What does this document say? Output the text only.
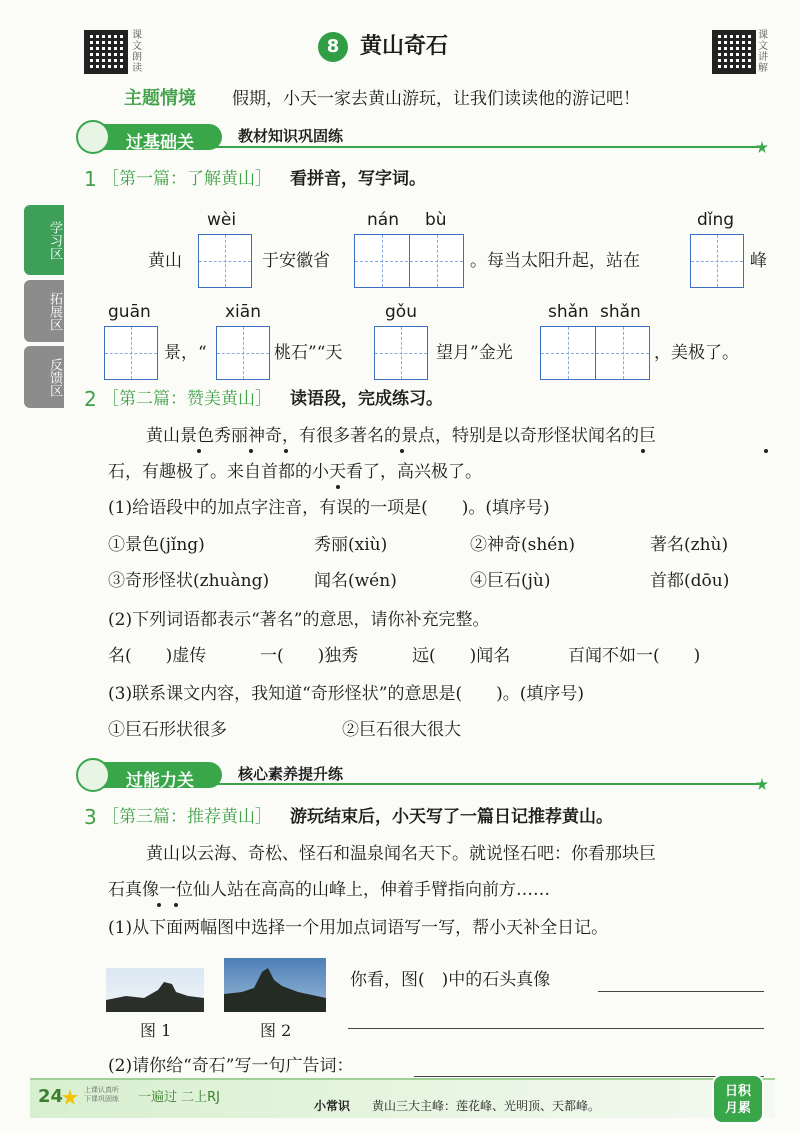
课文朗读
课文讲解
8 黄山奇石
主题情境 假期，小天一家去黄山游玩，让我们读读他的游记吧！
学习区
拓展区
反馈区
过基础关	教材知识巩固练
1 ［第一篇：了解黄山］ 看拼音，写字词。
wèi	nán bù	dǐng
黄山	于安徽省	。每当太阳升起，站在	峰
guān	xiān	gǒu	shǎn shǎn
景，“	桃石”“天	望月”金光	，美极了。
2 ［第二篇：赞美黄山］ 读语段，完成练习。
黄山景色秀丽神奇，有很多著名的景点，特别是以奇形怪状闻名的巨
石，有趣极了。来自首都的小天看了，高兴极了。
(1)给语段中的加点字注音，有误的一项是(　　)。(填序号)
①景色(jǐng)	秀丽(xiù)	②神奇(shén)	著名(zhù)
③奇形怪状(zhuàng)	闻名(wén)	④巨石(jù)	首都(dōu)
(2)下列词语都表示“著名”的意思，请你补充完整。
名(　　)虚传	一(　　)独秀	远(　　)闻名	百闻不如一(　　)
(3)联系课文内容，我知道“奇形怪状”的意思是(　　)。(填序号)
①巨石形状很多	②巨石很大很大
过能力关	核心素养提升练
3 ［第三篇：推荐黄山］ 游玩结束后，小天写了一篇日记推荐黄山。
黄山以云海、奇松、怪石和温泉闻名天下。就说怪石吧：你看那块巨
石真像一位仙人站在高高的山峰上，伸着手臂指向前方……
(1)从下面两幅图中选择一个用加点词语写一写，帮小天补全日记。
图 1	图 2
你看，图(　)中的石头真像
(2)请你给“奇石”写一句广告词：
24	上课认真听
下课巩固练 一遍过 二上RJ
小常识 黄山三大主峰：莲花峰、光明顶、天都峰。
日积
月累
